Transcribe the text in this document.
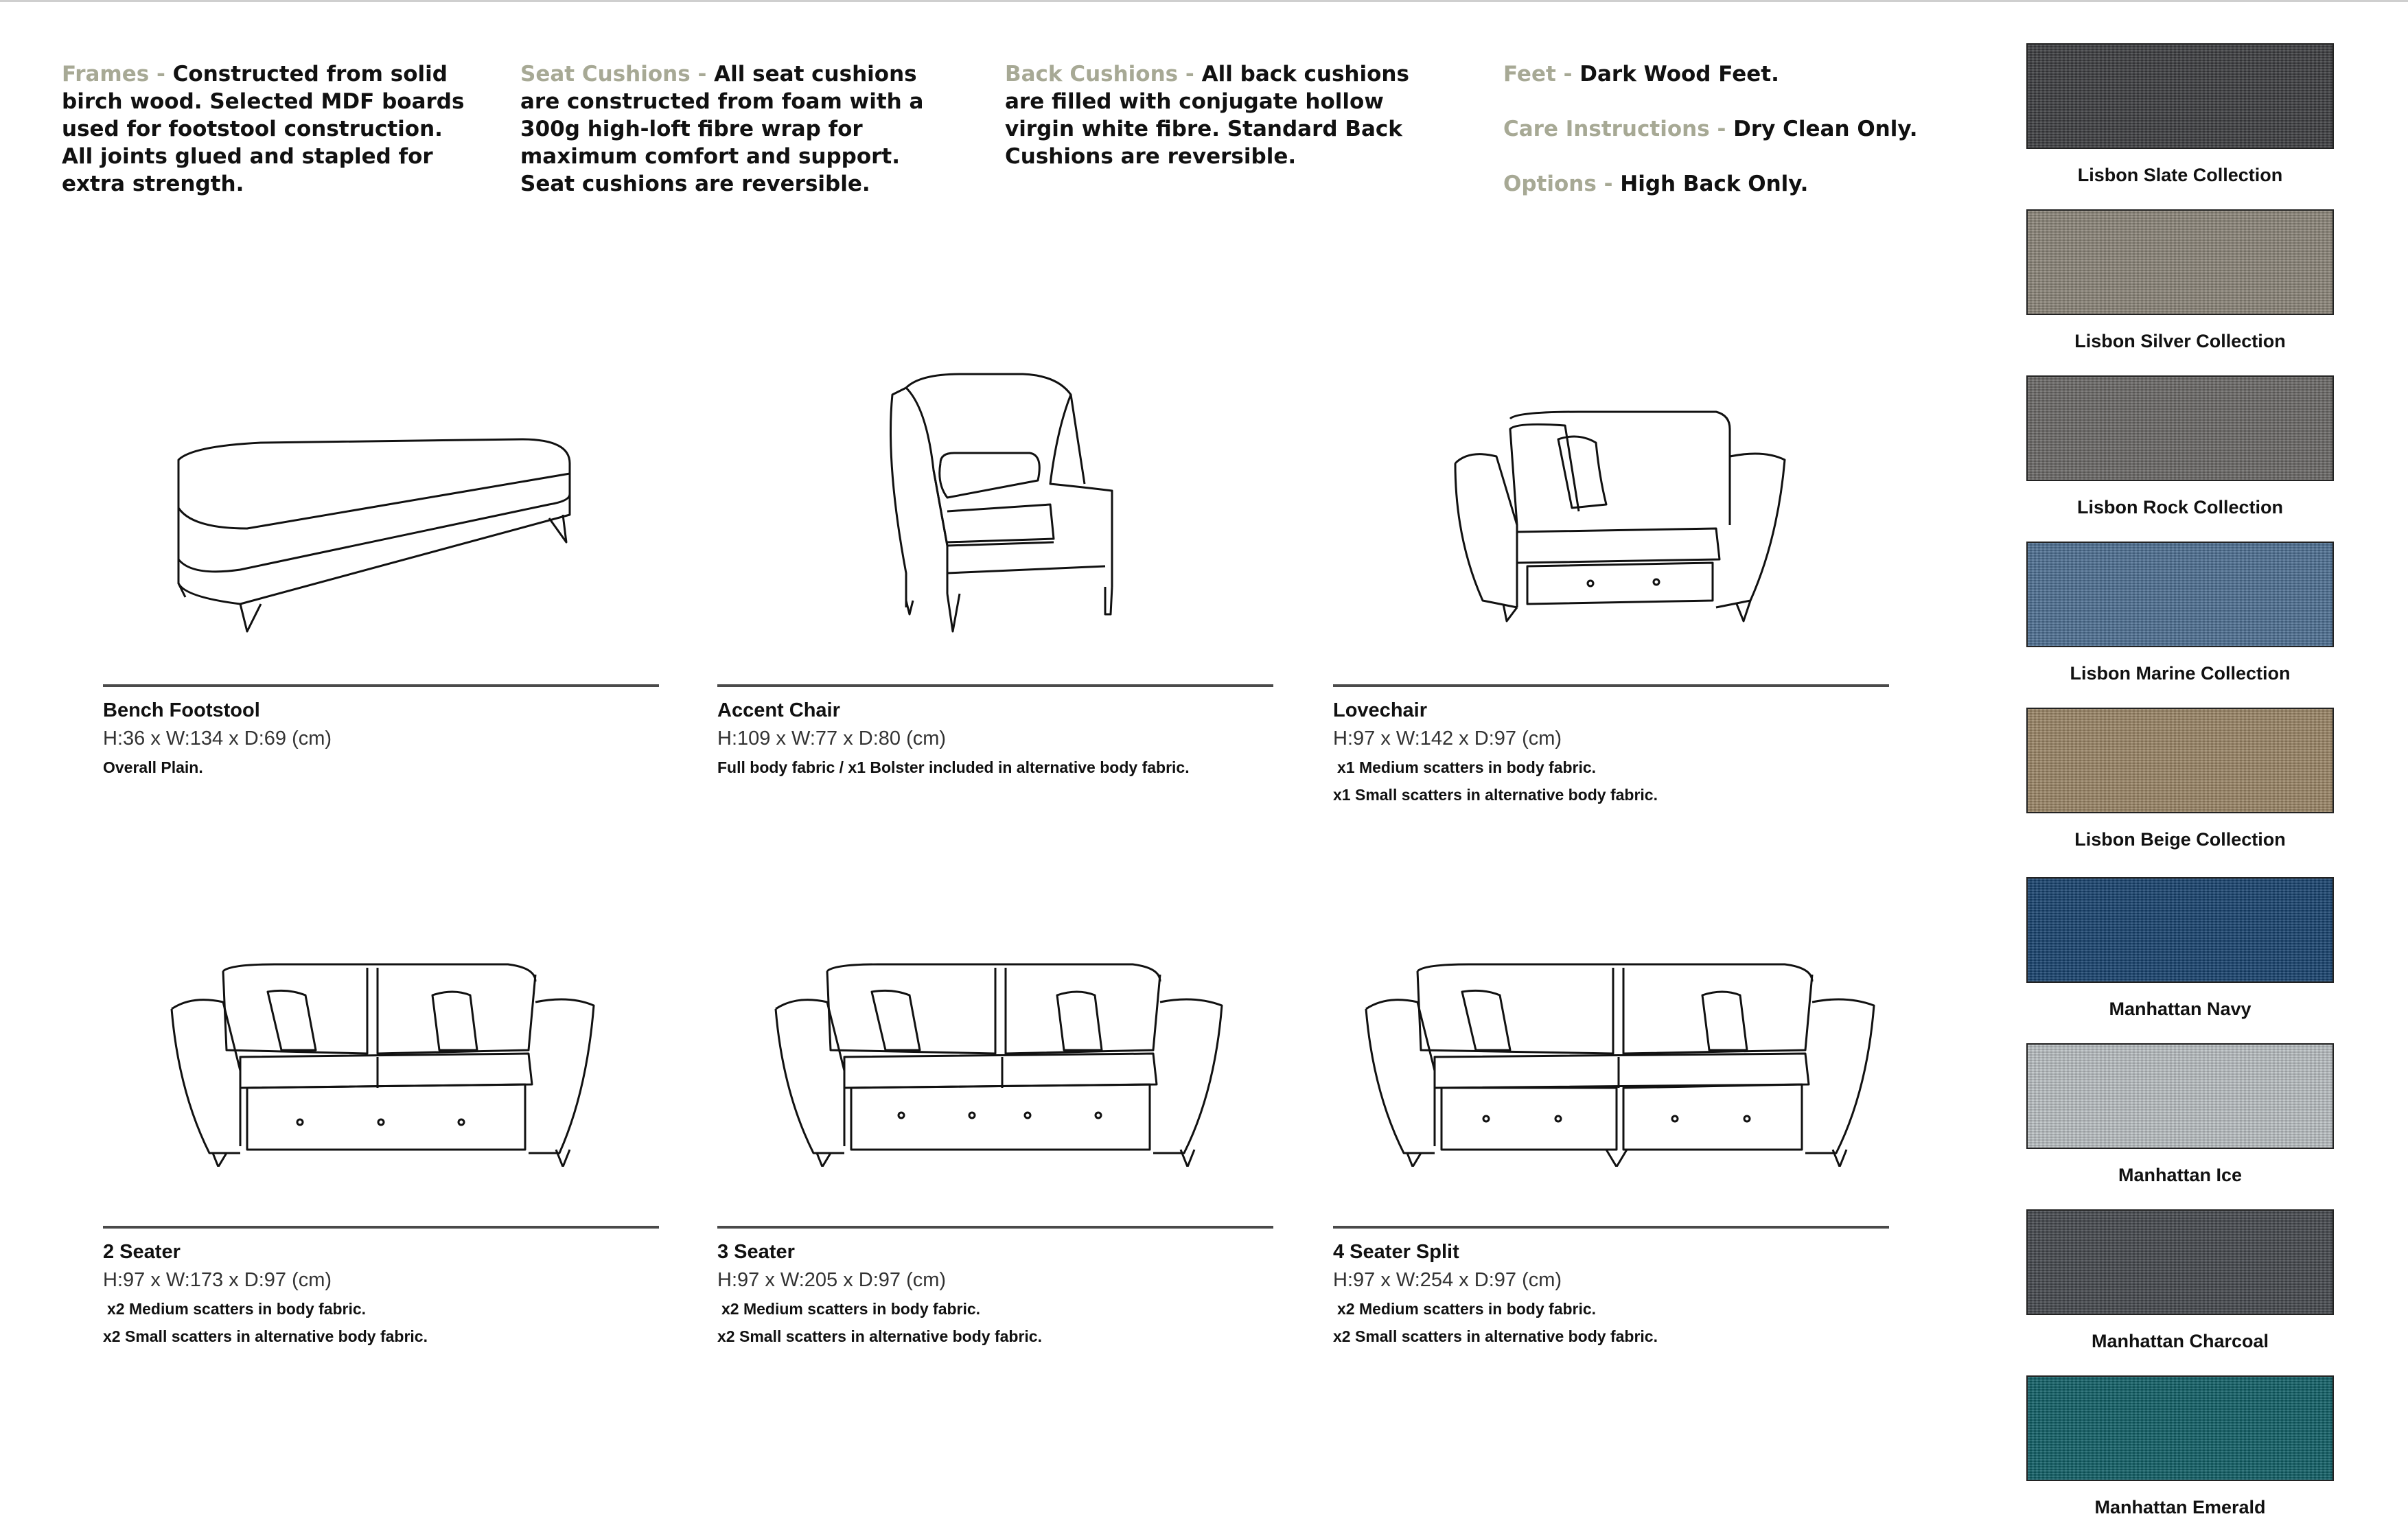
Frames - Constructed from solid birch wood. Selected MDF boards used for footstool construction. All joints glued and stapled for extra strength.
Seat Cushions - All seat cushions are constructed from foam with a 300g high-loft fibre wrap for maximum comfort and support. Seat cushions are reversible.
Back Cushions - All back cushions are filled with conjugate hollow virgin white fibre. Standard Back Cushions are reversible.
Feet - Dark Wood Feet.
Care Instructions - Dry Clean Only.
Options - High Back Only.
Bench Footstool
H:36 x W:134 x D:69 (cm)
Overall Plain.
Accent Chair
H:109 x W:77 x D:80 (cm)
Full body fabric / x1 Bolster included in alternative body fabric.
Lovechair
H:97 x W:142 x D:97 (cm)
x1 Medium scatters in body fabric.
x1 Small scatters in alternative body fabric.
2 Seater
H:97 x W:173 x D:97 (cm)
x2 Medium scatters in body fabric.
x2 Small scatters in alternative body fabric.
3 Seater
H:97 x W:205 x D:97 (cm)
x2 Medium scatters in body fabric.
x2 Small scatters in alternative body fabric.
4 Seater Split
H:97 x W:254 x D:97 (cm)
x2 Medium scatters in body fabric.
x2 Small scatters in alternative body fabric.
Lisbon Slate Collection
Lisbon Silver Collection
Lisbon Rock Collection
Lisbon Marine Collection
Lisbon Beige Collection
Manhattan Navy
Manhattan Ice
Manhattan Charcoal
Manhattan Emerald
